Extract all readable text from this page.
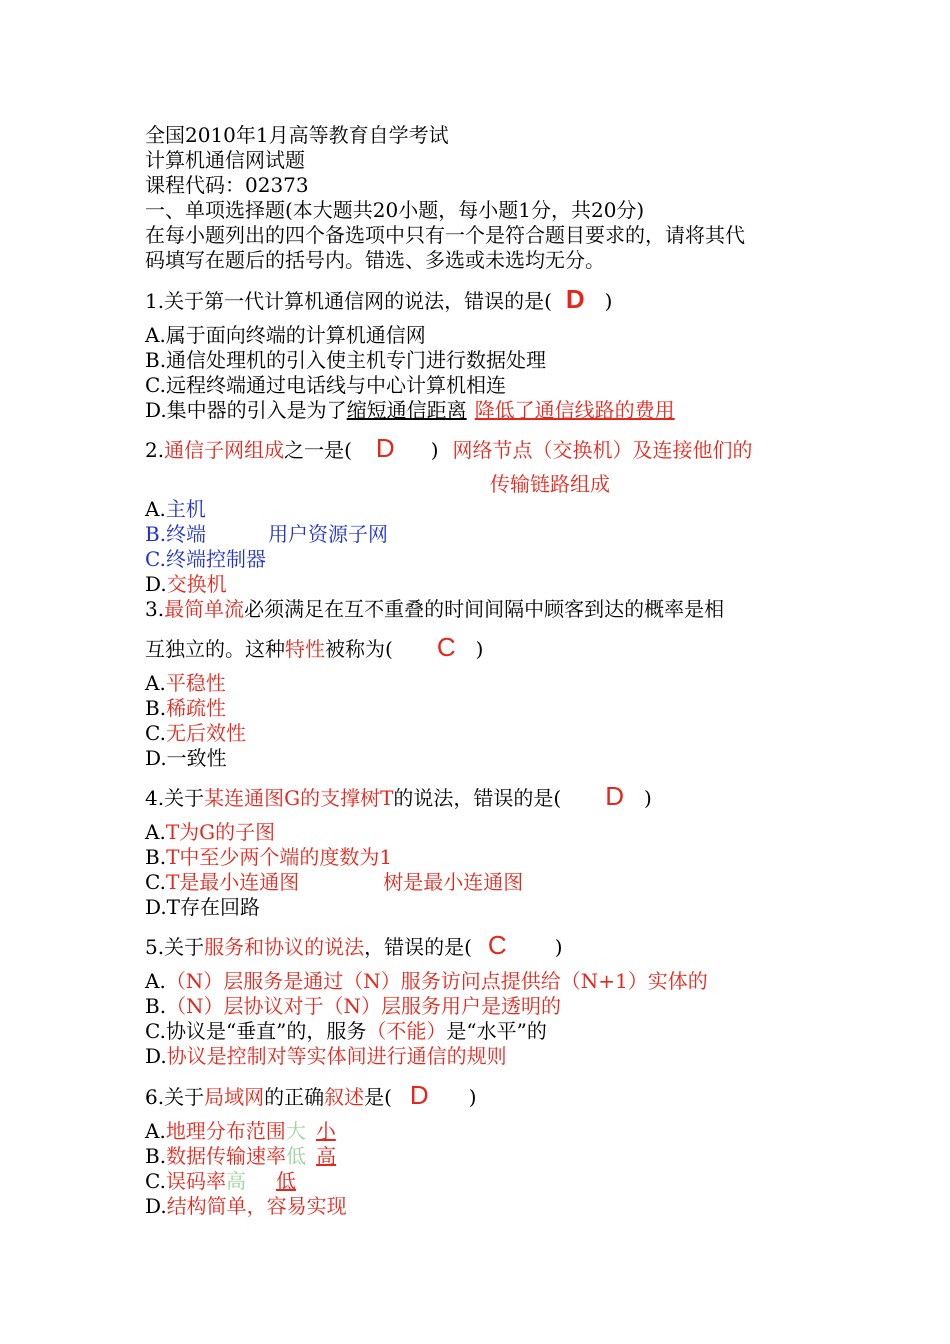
全国2010年1月高等教育自学考试
计算机通信网试题
课程代码：02373
一、单项选择题(本大题共20小题，每小题1分，共20分)
在每小题列出的四个备选项中只有一个是符合题目要求的，请将其代
码填写在题后的括号内。错选、多选或未选均无分。
1.关于第一代计算机通信网的说法，错误的是( D )
A.属于面向终端的计算机通信网
B.通信处理机的引入使主机专门进行数据处理
C.远程终端通过电话线与中心计算机相连
D.集中器的引入是为了缩短通信距离 降低了通信线路的费用
2.通信子网组成之一是( D ) 网络节点（交换机）及连接他们的
传输链路组成
A.主机
B.终端	用户资源子网
C.终端控制器
D.交换机
3.最简单流必须满足在互不重叠的时间间隔中顾客到达的概率是相
互独立的。这种特性被称为( C )
A.平稳性
B.稀疏性
C.无后效性
D.一致性
4.关于某连通图G的支撑树T的说法，错误的是( D )
A.T为G的子图
B.T中至少两个端的度数为1
C.T是最小连通图	树是最小连通图
D.T存在回路
5.关于服务和协议的说法，错误的是( C )
A.（N）层服务是通过（N）服务访问点提供给（N+1）实体的
B.（N）层协议对于（N）层服务用户是透明的
C.协议是“垂直”的，服务（不能）是“水平”的
D.协议是控制对等实体间进行通信的规则
6.关于局域网的正确叙述是( D )
A.地理分布范围大 小
B.数据传输速率低 高
C.误码率高 低
D.结构简单，容易实现
